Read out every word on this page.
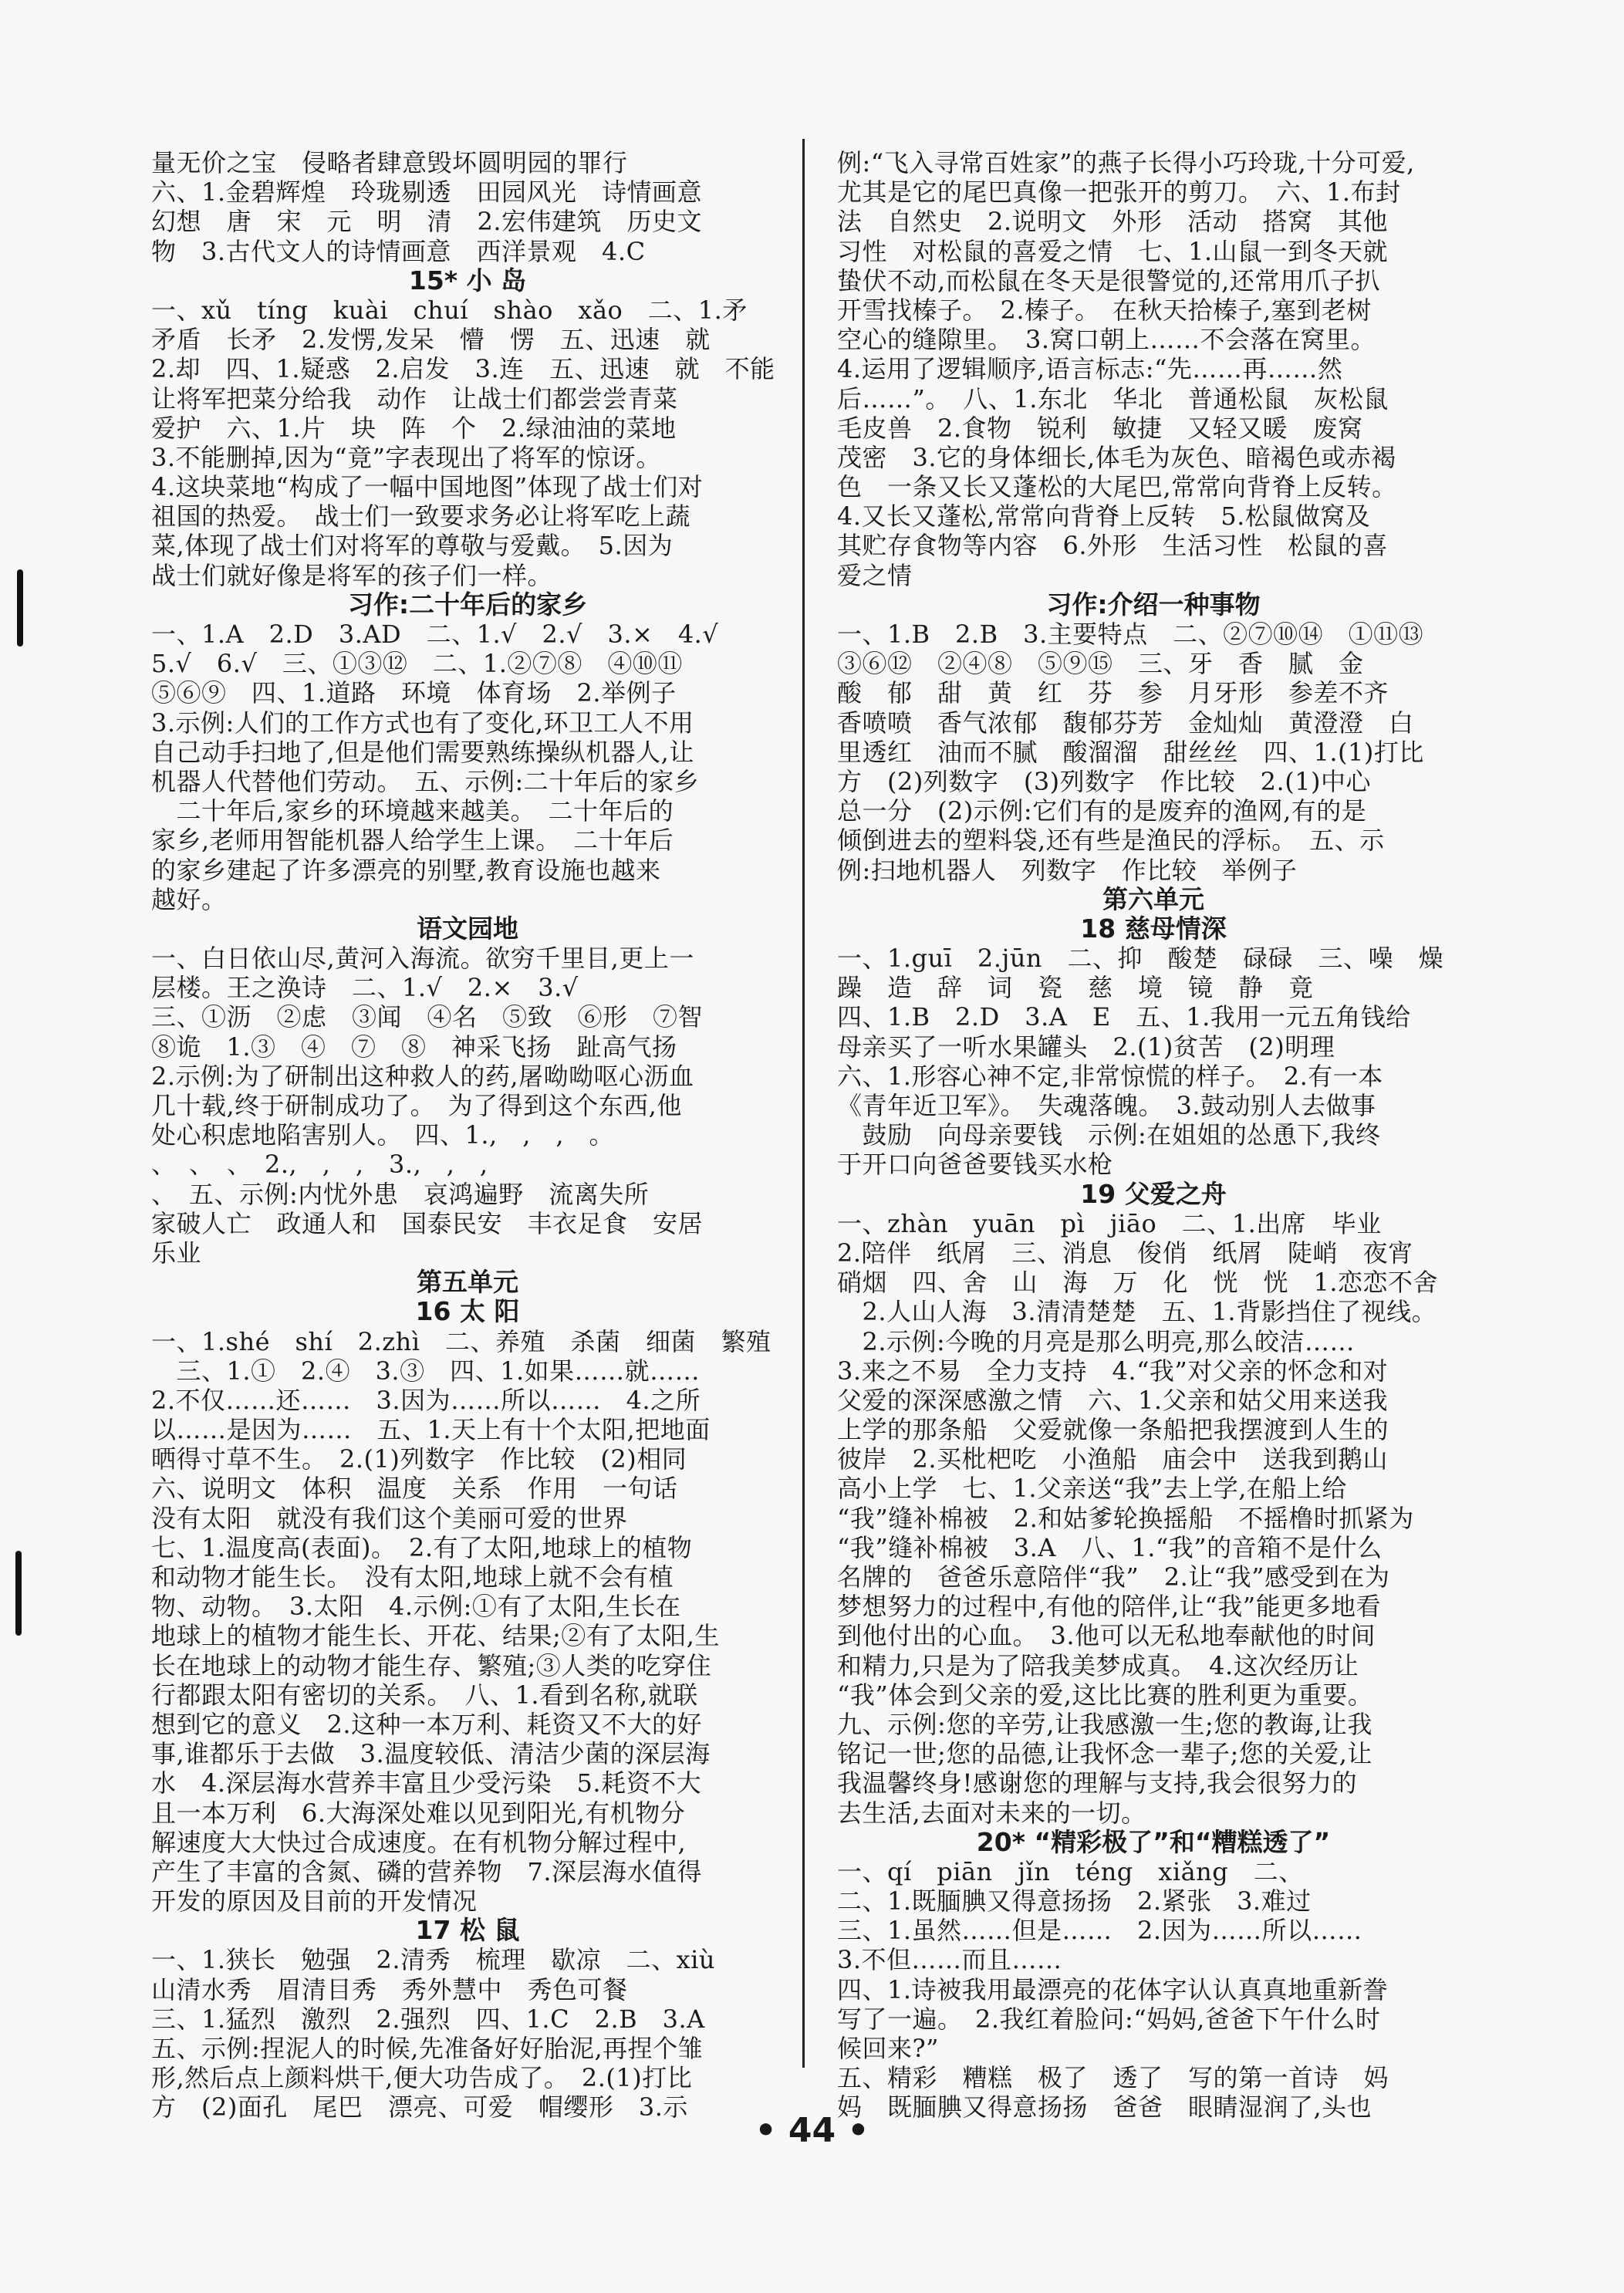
量无价之宝　侵略者肆意毁坏圆明园的罪行
六、1.金碧辉煌　玲珑剔透　田园风光　诗情画意
幻想　唐　宋　元　明　清　2.宏伟建筑　历史文
物　3.古代文人的诗情画意　西洋景观　4.C
15* 小 岛
一、xǔ　tíng　kuài　chuí　shào　xǎo　二、1.矛
矛盾　长矛　2.发愣,发呆　懵　愣　五、迅速　就
2.却　四、1.疑惑　2.启发　3.连　五、迅速　就　不能
让将军把菜分给我　动作　让战士们都尝尝青菜
爱护　六、1.片　块　阵　个　2.绿油油的菜地
3.不能删掉,因为“竟”字表现出了将军的惊讶。
4.这块菜地“构成了一幅中国地图”体现了战士们对
祖国的热爱。　战士们一致要求务必让将军吃上蔬
菜,体现了战士们对将军的尊敬与爱戴。　5.因为
战士们就好像是将军的孩子们一样。
习作:二十年后的家乡
一、1.A　2.D　3.AD　二、1.√　2.√　3.×　4.√
5.√　6.√　三、①③⑫　二、1.②⑦⑧　④⑩⑪
⑤⑥⑨　四、1.道路　环境　体育场　2.举例子
3.示例:人们的工作方式也有了变化,环卫工人不用
自己动手扫地了,但是他们需要熟练操纵机器人,让
机器人代替他们劳动。　五、示例:二十年后的家乡
　二十年后,家乡的环境越来越美。　二十年后的
家乡,老师用智能机器人给学生上课。　二十年后
的家乡建起了许多漂亮的别墅,教育设施也越来
越好。
语文园地
一、白日依山尽,黄河入海流。欲穷千里目,更上一
层楼。王之涣诗　二、1.√　2.×　3.√
三、①沥　②虑　③闻　④名　⑤致　⑥形　⑦智
⑧诡　1.③　④　⑦　⑧　神采飞扬　趾高气扬
2.示例:为了研制出这种救人的药,屠呦呦呕心沥血
几十载,终于研制成功了。　为了得到这个东西,他
处心积虑地陷害别人。　四、1.,　,　,　。
、　、　、　2.,　,　,　3.,　,　,
、　五、示例:内忧外患　哀鸿遍野　流离失所
家破人亡　政通人和　国泰民安　丰衣足食　安居
乐业
第五单元
16 太 阳
一、1.shé　shí　2.zhì　二、养殖　杀菌　细菌　繁殖
　三、1.①　2.④　3.③　四、1.如果……就……
2.不仅……还……　3.因为……所以……　4.之所
以……是因为……　五、1.天上有十个太阳,把地面
晒得寸草不生。　2.(1)列数字　作比较　(2)相同
六、说明文　体积　温度　关系　作用　一句话
没有太阳　就没有我们这个美丽可爱的世界
七、1.温度高(表面)。　2.有了太阳,地球上的植物
和动物才能生长。　没有太阳,地球上就不会有植
物、动物。　3.太阳　4.示例:①有了太阳,生长在
地球上的植物才能生长、开花、结果;②有了太阳,生
长在地球上的动物才能生存、繁殖;③人类的吃穿住
行都跟太阳有密切的关系。　八、1.看到名称,就联
想到它的意义　2.这种一本万利、耗资又不大的好
事,谁都乐于去做　3.温度较低、清洁少菌的深层海
水　4.深层海水营养丰富且少受污染　5.耗资不大
且一本万利　6.大海深处难以见到阳光,有机物分
解速度大大快过合成速度。在有机物分解过程中,
产生了丰富的含氮、磷的营养物　7.深层海水值得
开发的原因及目前的开发情况
17 松 鼠
一、1.狭长　勉强　2.清秀　梳理　歇凉　二、xiù
山清水秀　眉清目秀　秀外慧中　秀色可餐
三、1.猛烈　激烈　2.强烈　四、1.C　2.B　3.A
五、示例:捏泥人的时候,先准备好好胎泥,再捏个雏
形,然后点上颜料烘干,便大功告成了。　2.(1)打比
方　(2)面孔　尾巴　漂亮、可爱　帽缨形　3.示
例:“飞入寻常百姓家”的燕子长得小巧玲珑,十分可爱,
尤其是它的尾巴真像一把张开的剪刀。　六、1.布封
法　自然史　2.说明文　外形　活动　搭窝　其他
习性　对松鼠的喜爱之情　七、1.山鼠一到冬天就
蛰伏不动,而松鼠在冬天是很警觉的,还常用爪子扒
开雪找榛子。　2.榛子。　在秋天拾榛子,塞到老树
空心的缝隙里。　3.窝口朝上……不会落在窝里。
4.运用了逻辑顺序,语言标志:“先……再……然
后……”。　八、1.东北　华北　普通松鼠　灰松鼠
毛皮兽　2.食物　锐利　敏捷　又轻又暖　废窝
茂密　3.它的身体细长,体毛为灰色、暗褐色或赤褐
色　一条又长又蓬松的大尾巴,常常向背脊上反转。
4.又长又蓬松,常常向背脊上反转　5.松鼠做窝及
其贮存食物等内容　6.外形　生活习性　松鼠的喜
爱之情
习作:介绍一种事物
一、1.B　2.B　3.主要特点　二、②⑦⑩⑭　①⑪⑬
③⑥⑫　②④⑧　⑤⑨⑮　三、牙　香　腻　金
酸　郁　甜　黄　红　芬　参　月牙形　参差不齐
香喷喷　香气浓郁　馥郁芬芳　金灿灿　黄澄澄　白
里透红　油而不腻　酸溜溜　甜丝丝　四、1.(1)打比
方　(2)列数字　(3)列数字　作比较　2.(1)中心
总一分　(2)示例:它们有的是废弃的渔网,有的是
倾倒进去的塑料袋,还有些是渔民的浮标。　五、示
例:扫地机器人　列数字　作比较　举例子
第六单元
18 慈母情深
一、1.guī　2.jūn　二、抑　酸楚　碌碌　三、噪　燥
躁　造　辞　词　瓷　慈　境　镜　静　竟
四、1.B　2.D　3.A　E　五、1.我用一元五角钱给
母亲买了一听水果罐头　2.(1)贫苦　(2)明理
六、1.形容心神不定,非常惊慌的样子。　2.有一本
《青年近卫军》。　失魂落魄。　3.鼓动别人去做事
　鼓励　向母亲要钱　示例:在姐姐的怂恿下,我终
于开口向爸爸要钱买水枪
19 父爱之舟
一、zhàn　yuān　pì　jiāo　二、1.出席　毕业
2.陪伴　纸屑　三、消息　俊俏　纸屑　陡峭　夜宵
硝烟　四、舍　山　海　万　化　恍　恍　1.恋恋不舍
　2.人山人海　3.清清楚楚　五、1.背影挡住了视线。
　2.示例:今晚的月亮是那么明亮,那么皎洁……
3.来之不易　全力支持　4.“我”对父亲的怀念和对
父爱的深深感激之情　六、1.父亲和姑父用来送我
上学的那条船　父爱就像一条船把我摆渡到人生的
彼岸　2.买枇杷吃　小渔船　庙会中　送我到鹅山
高小上学　七、1.父亲送“我”去上学,在船上给
“我”缝补棉被　2.和姑爹轮换摇船　不摇橹时抓紧为
“我”缝补棉被　3.A　八、1.“我”的音箱不是什么
名牌的　爸爸乐意陪伴“我”　2.让“我”感受到在为
梦想努力的过程中,有他的陪伴,让“我”能更多地看
到他付出的心血。　3.他可以无私地奉献他的时间
和精力,只是为了陪我美梦成真。　4.这次经历让
“我”体会到父亲的爱,这比比赛的胜利更为重要。
九、示例:您的辛劳,让我感激一生;您的教诲,让我
铭记一世;您的品德,让我怀念一辈子;您的关爱,让
我温馨终身!感谢您的理解与支持,我会很努力的
去生活,去面对未来的一切。
20* “精彩极了”和“糟糕透了”
一、qí　piān　jǐn　téng　xiǎng　二、
二、1.既腼腆又得意扬扬　2.紧张　3.难过
三、1.虽然……但是……　2.因为……所以……
3.不但……而且……
四、1.诗被我用最漂亮的花体字认认真真地重新誊
写了一遍。　2.我红着脸问:“妈妈,爸爸下午什么时
候回来?”
五、精彩　糟糕　极了　透了　写的第一首诗　妈
妈　既腼腆又得意扬扬　爸爸　眼睛湿润了,头也
• 44 •
